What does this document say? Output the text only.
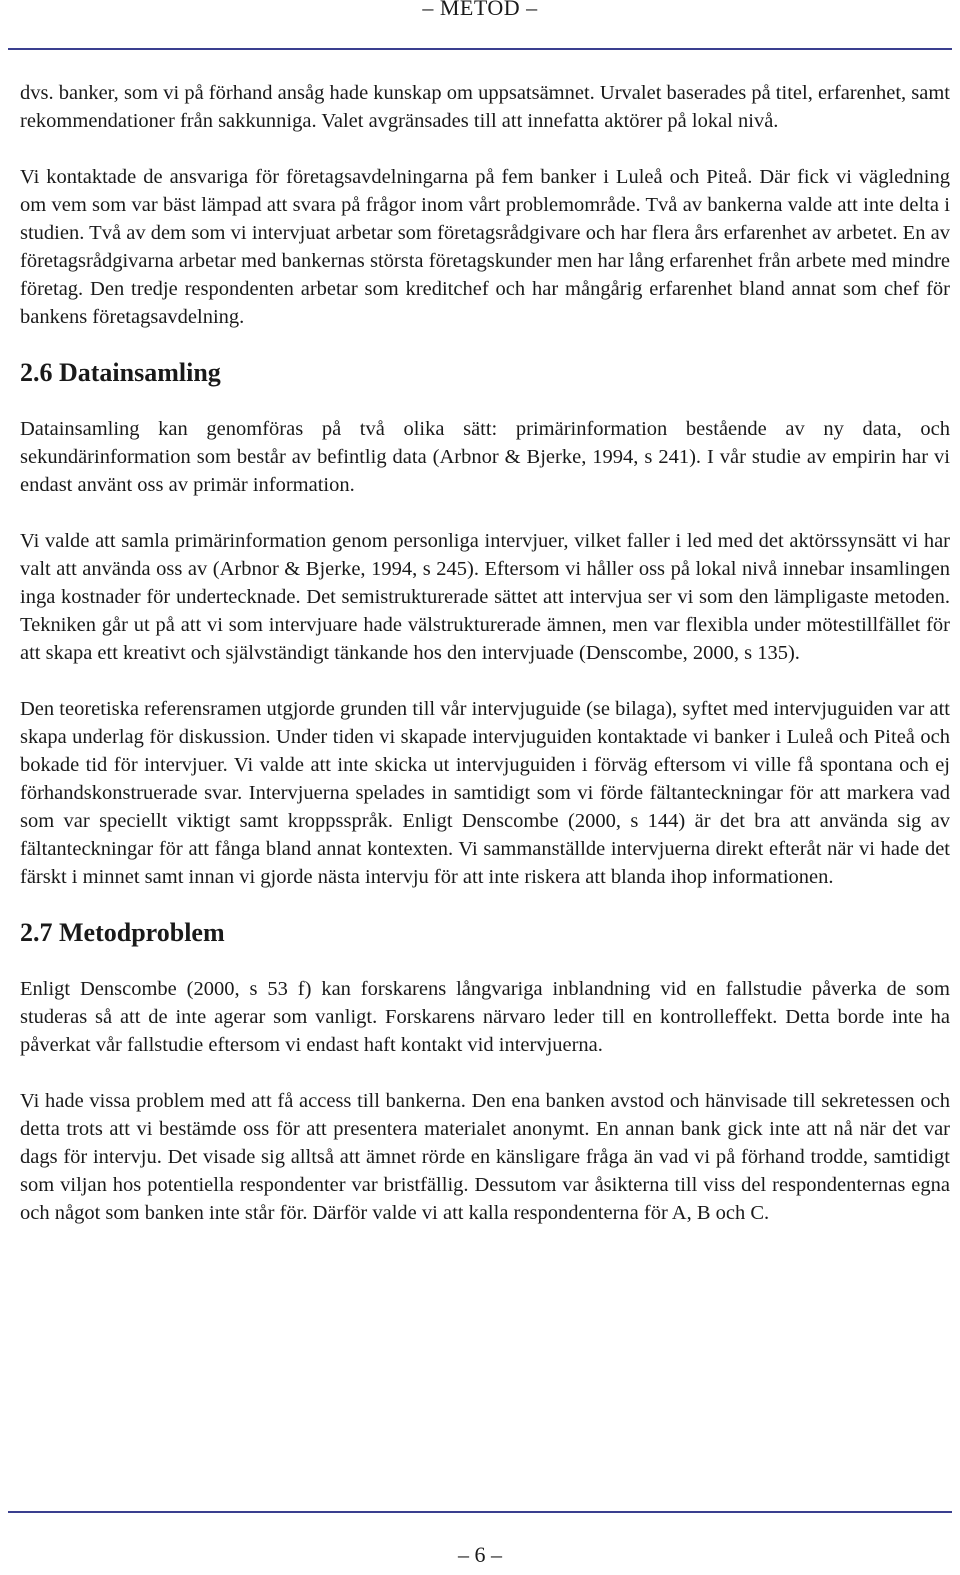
– METOD –

dvs. banker, som vi på förhand ansåg hade kunskap om uppsatsämnet. Urvalet baserades på titel, erfarenhet, samt rekommendationer från sakkunniga. Valet avgränsades till att innefatta aktörer på lokal nivå.

Vi kontaktade de ansvariga för företagsavdelningarna på fem banker i Luleå och Piteå. Där fick vi vägledning om vem som var bäst lämpad att svara på frågor inom vårt problemområde. Två av bankerna valde att inte delta i studien. Två av dem som vi intervjuat arbetar som företagsrådgivare och har flera års erfarenhet av arbetet. En av företagsrådgivarna arbetar med bankernas största företagskunder men har lång erfarenhet från arbete med mindre företag. Den tredje respondenten arbetar som kreditchef och har mångårig erfarenhet bland annat som chef för bankens företagsavdelning.

2.6 Datainsamling

Datainsamling kan genomföras på två olika sätt: primärinformation bestående av ny data, och sekundärinformation som består av befintlig data (Arbnor & Bjerke, 1994, s 241). I vår studie av empirin har vi endast använt oss av primär information.

Vi valde att samla primärinformation genom personliga intervjuer, vilket faller i led med det aktörssynsätt vi har valt att använda oss av (Arbnor & Bjerke, 1994, s 245). Eftersom vi håller oss på lokal nivå innebar insamlingen inga kostnader för undertecknade. Det semistrukturerade sättet att intervjua ser vi som den lämpligaste metoden. Tekniken går ut på att vi som intervjuare hade välstrukturerade ämnen, men var flexibla under mötestillfället för att skapa ett kreativt och självständigt tänkande hos den intervjuade (Denscombe, 2000, s 135).

Den teoretiska referensramen utgjorde grunden till vår intervjuguide (se bilaga), syftet med intervjuguiden var att skapa underlag för diskussion. Under tiden vi skapade intervjuguiden kontaktade vi banker i Luleå och Piteå och bokade tid för intervjuer. Vi valde att inte skicka ut intervjuguiden i förväg eftersom vi ville få spontana och ej förhandskonstruerade svar. Intervjuerna spelades in samtidigt som vi förde fältanteckningar för att markera vad som var speciellt viktigt samt kroppsspråk. Enligt Denscombe (2000, s 144) är det bra att använda sig av fältanteckningar för att fånga bland annat kontexten. Vi sammanställde intervjuerna direkt efteråt när vi hade det färskt i minnet samt innan vi gjorde nästa intervju för att inte riskera att blanda ihop informationen.

2.7 Metodproblem

Enligt Denscombe (2000, s 53 f) kan forskarens långvariga inblandning vid en fallstudie påverka de som studeras så att de inte agerar som vanligt. Forskarens närvaro leder till en kontrolleffekt. Detta borde inte ha påverkat vår fallstudie eftersom vi endast haft kontakt vid intervjuerna.

Vi hade vissa problem med att få access till bankerna. Den ena banken avstod och hänvisade till sekretessen och detta trots att vi bestämde oss för att presentera materialet anonymt. En annan bank gick inte att nå när det var dags för intervju. Det visade sig alltså att ämnet rörde en känsligare fråga än vad vi på förhand trodde, samtidigt som viljan hos potentiella respondenter var bristfällig. Dessutom var åsikterna till viss del respondenternas egna och något som banken inte står för. Därför valde vi att kalla respondenterna för A, B och C.

– 6 –
